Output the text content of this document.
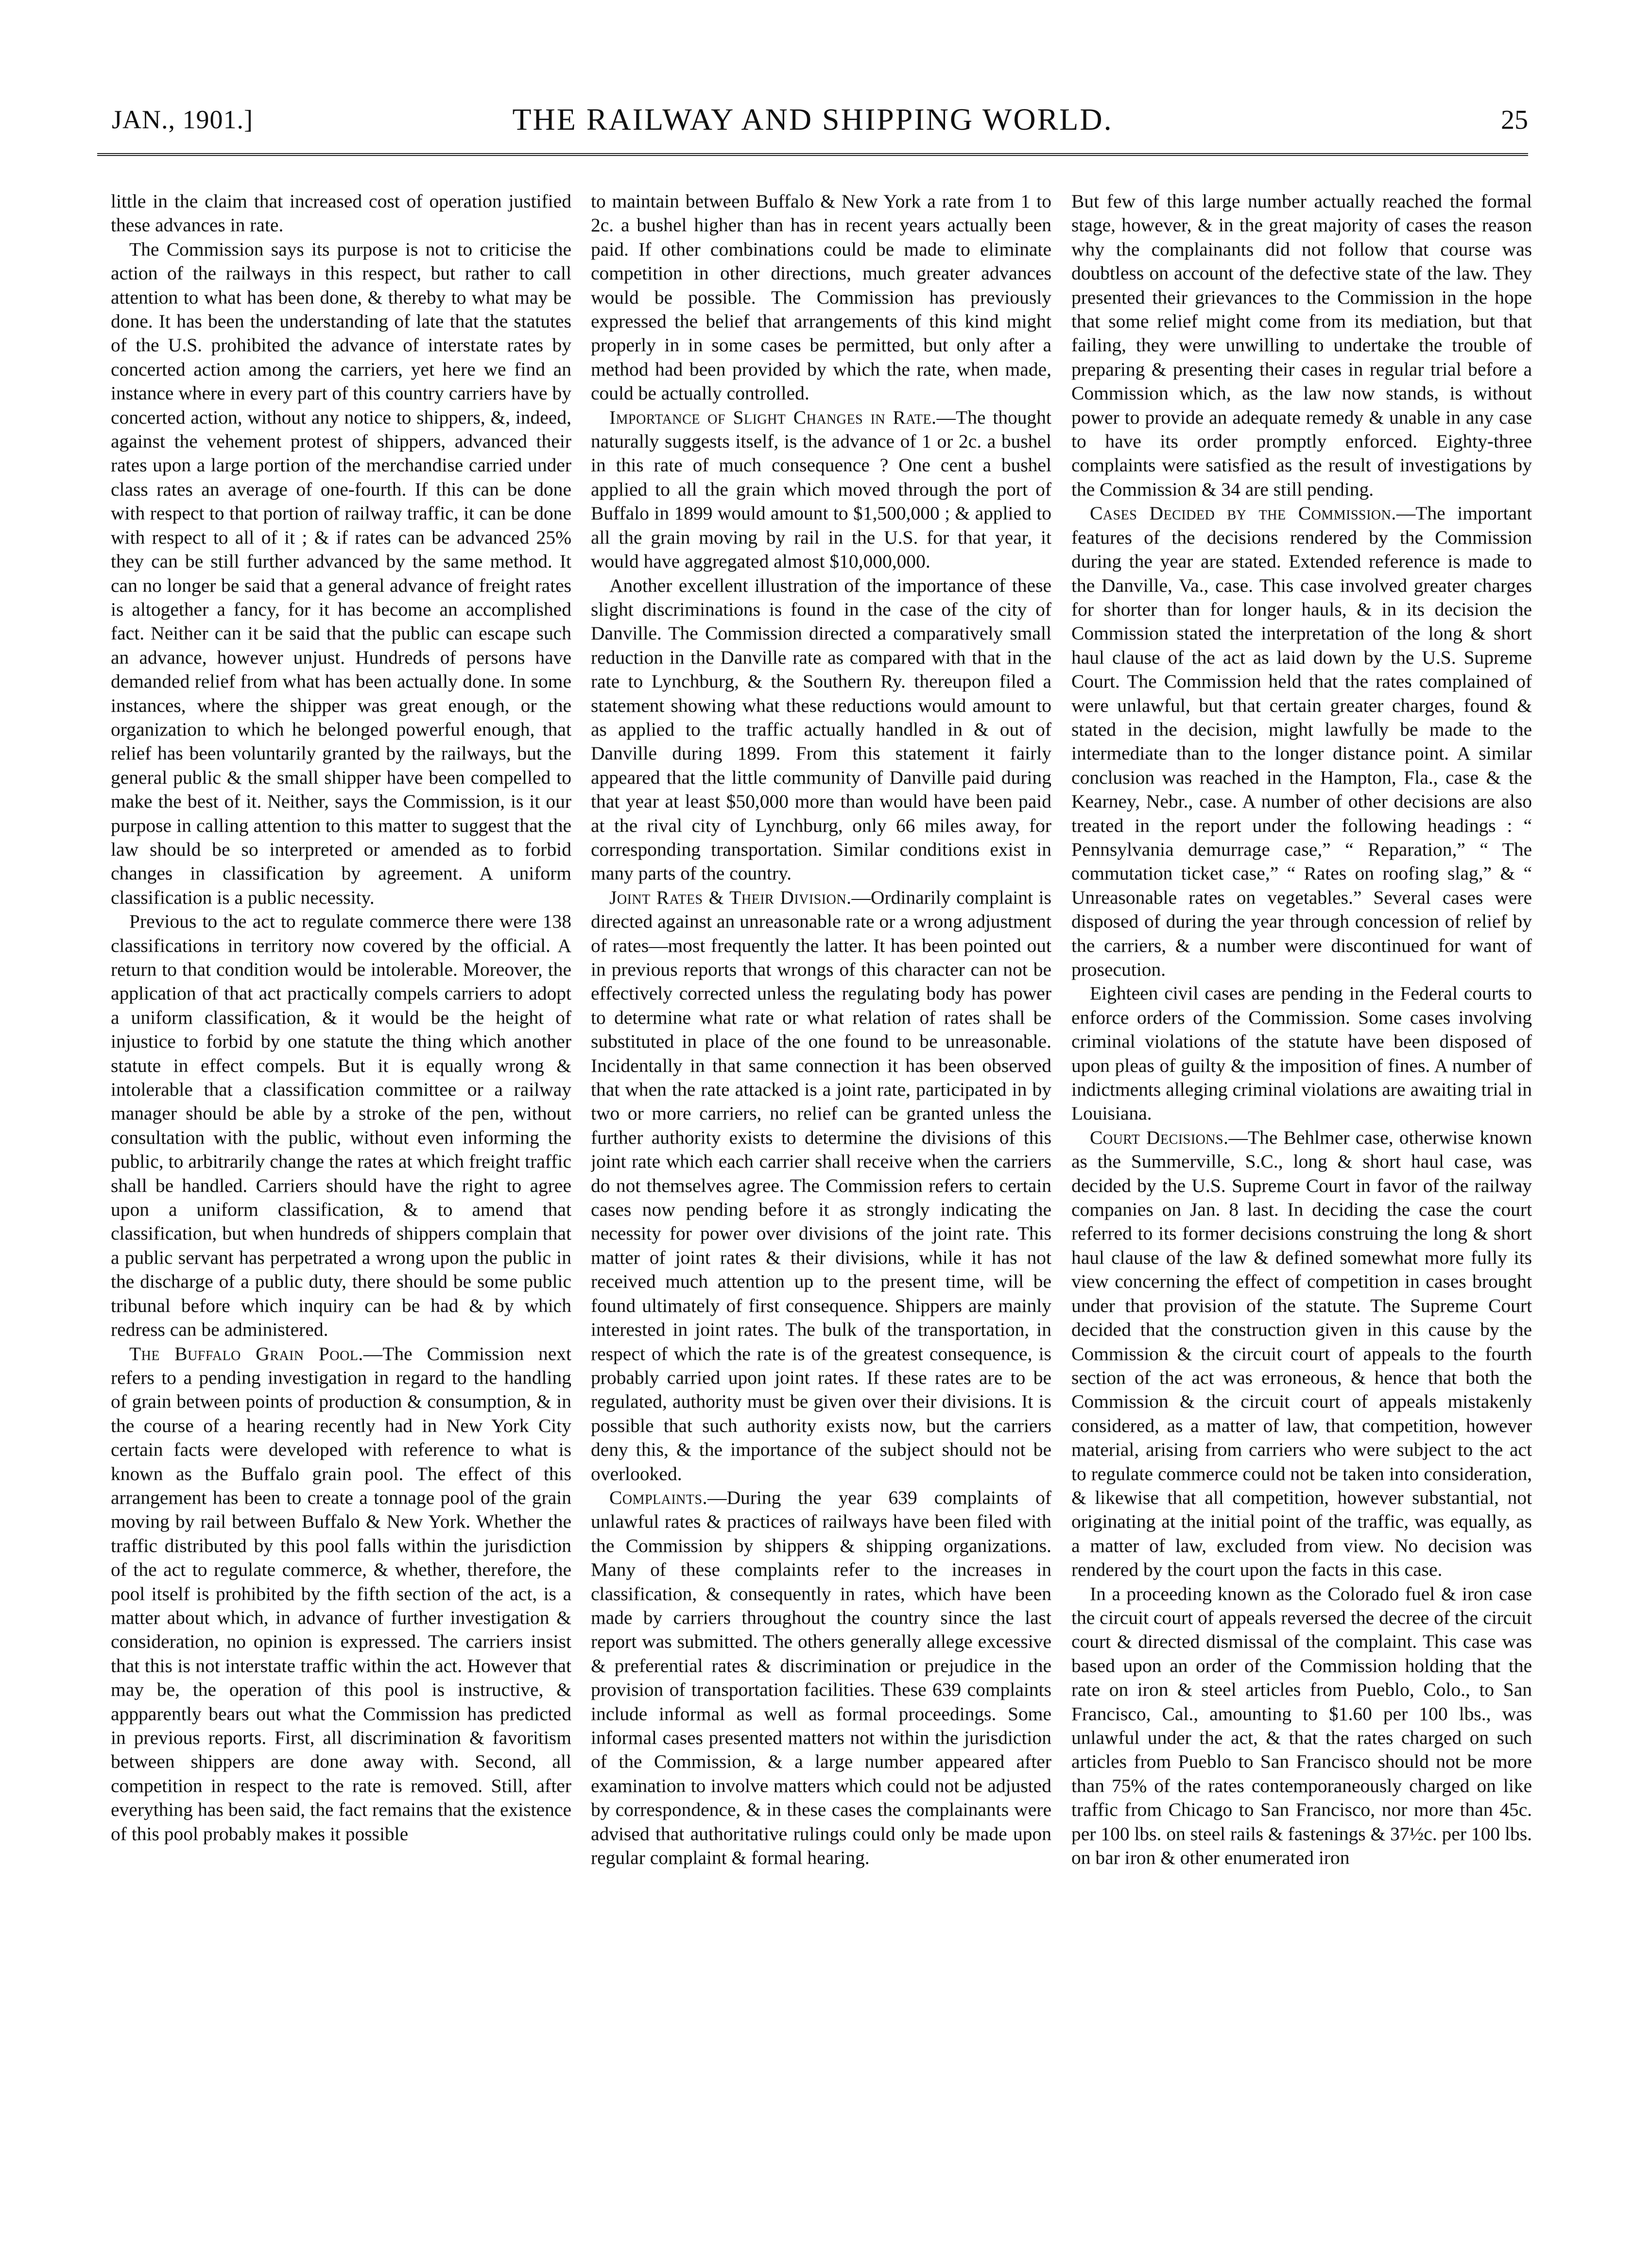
JAN., 1901.]	THE RAILWAY AND SHIPPING WORLD.	25

little in the claim that increased cost of operation justified these advances in rate.

The Commission says its purpose is not to criticise the action of the railways in this respect, but rather to call attention to what has been done, & thereby to what may be done. It has been the understanding of late that the statutes of the U.S. prohibited the advance of interstate rates by concerted action among the carriers, yet here we find an instance where in every part of this country carriers have by concerted action, without any notice to shippers, &, indeed, against the vehement protest of shippers, advanced their rates upon a large portion of the merchandise carried under class rates an average of one-fourth. If this can be done with respect to that portion of railway traffic, it can be done with respect to all of it ; & if rates can be advanced 25% they can be still further advanced by the same method. It can no longer be said that a general advance of freight rates is altogether a fancy, for it has become an accomplished fact. Neither can it be said that the public can escape such an advance, however unjust. Hundreds of persons have demanded relief from what has been actually done. In some instances, where the shipper was great enough, or the organization to which he belonged powerful enough, that relief has been voluntarily granted by the railways, but the general public & the small shipper have been compelled to make the best of it. Neither, says the Commission, is it our purpose in calling attention to this matter to suggest that the law should be so interpreted or amended as to forbid changes in classification by agreement. A uniform classification is a public necessity.

Previous to the act to regulate commerce there were 138 classifications in territory now covered by the official. A return to that condition would be intolerable. Moreover, the application of that act practically compels carriers to adopt a uniform classification, & it would be the height of injustice to forbid by one statute the thing which another statute in effect compels. But it is equally wrong & intolerable that a classification committee or a railway manager should be able by a stroke of the pen, without consultation with the public, without even informing the public, to arbitrarily change the rates at which freight traffic shall be handled. Carriers should have the right to agree upon a uniform classification, & to amend that classification, but when hundreds of shippers complain that a public servant has perpetrated a wrong upon the public in the discharge of a public duty, there should be some public tribunal before which inquiry can be had & by which redress can be administered.

The Buffalo Grain Pool.—The Commission next refers to a pending investigation in regard to the handling of grain between points of production & consumption, & in the course of a hearing recently had in New York City certain facts were developed with reference to what is known as the Buffalo grain pool. The effect of this arrangement has been to create a tonnage pool of the grain moving by rail between Buffalo & New York. Whether the traffic distributed by this pool falls within the jurisdiction of the act to regulate commerce, & whether, therefore, the pool itself is prohibited by the fifth section of the act, is a matter about which, in advance of further investigation & consideration, no opinion is expressed. The carriers insist that this is not interstate traffic within the act. However that may be, the operation of this pool is instructive, & appparently bears out what the Commission has predicted in previous reports. First, all discrimination & favoritism between shippers are done away with. Second, all competition in respect to the rate is removed. Still, after everything has been said, the fact remains that the existence of this pool probably makes it possible

to maintain between Buffalo & New York a rate from 1 to 2c. a bushel higher than has in recent years actually been paid. If other combinations could be made to eliminate competition in other directions, much greater advances would be possible. The Commission has previously expressed the belief that arrangements of this kind might properly in in some cases be permitted, but only after a method had been provided by which the rate, when made, could be actually controlled.

Importance of Slight Changes in Rate.—The thought naturally suggests itself, is the advance of 1 or 2c. a bushel in this rate of much consequence ? One cent a bushel applied to all the grain which moved through the port of Buffalo in 1899 would amount to $1,500,000 ; & applied to all the grain moving by rail in the U.S. for that year, it would have aggregated almost $10,000,000.

Another excellent illustration of the importance of these slight discriminations is found in the case of the city of Danville. The Commission directed a comparatively small reduction in the Danville rate as compared with that in the rate to Lynchburg, & the Southern Ry. thereupon filed a statement showing what these reductions would amount to as applied to the traffic actually handled in & out of Danville during 1899. From this statement it fairly appeared that the little community of Danville paid during that year at least $50,000 more than would have been paid at the rival city of Lynchburg, only 66 miles away, for corresponding transportation. Similar conditions exist in many parts of the country.

Joint Rates & Their Division.—Ordinarily complaint is directed against an unreasonable rate or a wrong adjustment of rates—most frequently the latter. It has been pointed out in previous reports that wrongs of this character can not be effectively corrected unless the regulating body has power to determine what rate or what relation of rates shall be substituted in place of the one found to be unreasonable. Incidentally in that same connection it has been observed that when the rate attacked is a joint rate, participated in by two or more carriers, no relief can be granted unless the further authority exists to determine the divisions of this joint rate which each carrier shall receive when the carriers do not themselves agree. The Commission refers to certain cases now pending before it as strongly indicating the necessity for power over divisions of the joint rate. This matter of joint rates & their divisions, while it has not received much attention up to the present time, will be found ultimately of first consequence. Shippers are mainly interested in joint rates. The bulk of the transportation, in respect of which the rate is of the greatest consequence, is probably carried upon joint rates. If these rates are to be regulated, authority must be given over their divisions. It is possible that such authority exists now, but the carriers deny this, & the importance of the subject should not be overlooked.

Complaints.—During the year 639 complaints of unlawful rates & practices of railways have been filed with the Commission by shippers & shipping organizations. Many of these complaints refer to the increases in classification, & consequently in rates, which have been made by carriers throughout the country since the last report was submitted. The others generally allege excessive & preferential rates & discrimination or prejudice in the provision of transportation facilities. These 639 complaints include informal as well as formal proceedings. Some informal cases presented matters not within the jurisdiction of the Commission, & a large number appeared after examination to involve matters which could not be adjusted by correspondence, & in these cases the complainants were advised that authoritative rulings could only be made upon regular complaint & formal hearing.

But few of this large number actually reached the formal stage, however, & in the great majority of cases the reason why the complainants did not follow that course was doubtless on account of the defective state of the law. They presented their grievances to the Commission in the hope that some relief might come from its mediation, but that failing, they were unwilling to undertake the trouble of preparing & presenting their cases in regular trial before a Commission which, as the law now stands, is without power to provide an adequate remedy & unable in any case to have its order promptly enforced. Eighty-three complaints were satisfied as the result of investigations by the Commission & 34 are still pending.

Cases Decided by the Commission.—The important features of the decisions rendered by the Commission during the year are stated. Extended reference is made to the Danville, Va., case. This case involved greater charges for shorter than for longer hauls, & in its decision the Commission stated the interpretation of the long & short haul clause of the act as laid down by the U.S. Supreme Court. The Commission held that the rates complained of were unlawful, but that certain greater charges, found & stated in the decision, might lawfully be made to the intermediate than to the longer distance point. A similar conclusion was reached in the Hampton, Fla., case & the Kearney, Nebr., case. A number of other decisions are also treated in the report under the following headings : “ Pennsylvania demurrage case,” “ Reparation,” “ The commutation ticket case,” “ Rates on roofing slag,” & “ Unreasonable rates on vegetables.” Several cases were disposed of during the year through concession of relief by the carriers, & a number were discontinued for want of prosecution.

Eighteen civil cases are pending in the Federal courts to enforce orders of the Commission. Some cases involving criminal violations of the statute have been disposed of upon pleas of guilty & the imposition of fines. A number of indictments alleging criminal violations are awaiting trial in Louisiana.

Court Decisions.—The Behlmer case, otherwise known as the Summerville, S.C., long & short haul case, was decided by the U.S. Supreme Court in favor of the railway companies on Jan. 8 last. In deciding the case the court referred to its former decisions construing the long & short haul clause of the law & defined somewhat more fully its view concerning the effect of competition in cases brought under that provision of the statute. The Supreme Court decided that the construction given in this cause by the Commission & the circuit court of appeals to the fourth section of the act was erroneous, & hence that both the Commission & the circuit court of appeals mistakenly considered, as a matter of law, that competition, however material, arising from carriers who were subject to the act to regulate commerce could not be taken into consideration, & likewise that all competition, however substantial, not originating at the initial point of the traffic, was equally, as a matter of law, excluded from view. No decision was rendered by the court upon the facts in this case.

In a proceeding known as the Colorado fuel & iron case the circuit court of appeals reversed the decree of the circuit court & directed dismissal of the complaint. This case was based upon an order of the Commission holding that the rate on iron & steel articles from Pueblo, Colo., to San Francisco, Cal., amounting to $1.60 per 100 lbs., was unlawful under the act, & that the rates charged on such articles from Pueblo to San Francisco should not be more than 75% of the rates contemporaneously charged on like traffic from Chicago to San Francisco, nor more than 45c. per 100 lbs. on steel rails & fastenings & 37½c. per 100 lbs. on bar iron & other enumerated iron
